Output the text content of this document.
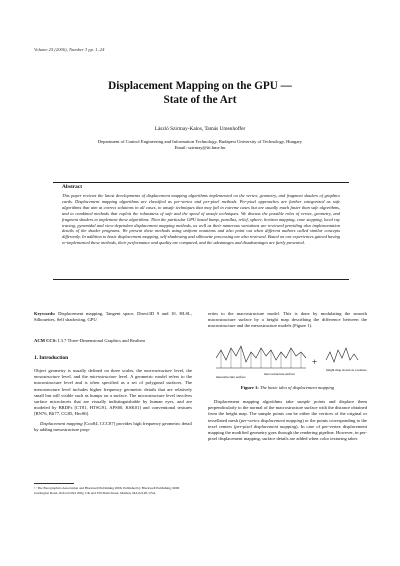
Volume 25 (2006), Number 3 pp. 1–24
Displacement Mapping on the GPU —
State of the Art
László Szirmay-Kalos, Tamás Umenhoffer
Department of Control Engineering and Information Technology, Budapest University of Technology, Hungary
Email: szirmay@iit.bme.hu
Abstract
This paper reviews the latest developments of displacement mapping algorithms implemented on the vertex, geometry, and fragment shaders of graphics cards. Displacement mapping algorithms are classified as per-vertex and per-pixel methods. Per-pixel approaches are further categorized as safe algorithms that aim at correct solutions in all cases, to unsafe techniques that may fail in extreme cases but are usually much faster than safe algorithms, and to combined methods that exploit the robustness of safe and the speed of unsafe techniques. We discuss the possible roles of vertex, geometry, and fragment shaders to implement these algorithms. Then the particular GPU based bump, parallax, relief, sphere, horizon mapping, cone stepping, local ray tracing, pyramidal and view-dependent displacement mapping methods, as well as their numerous variations are reviewed providing also implementation details of the shader programs. We present these methods using uniform notations and also point out when different authors called similar concepts differently. In addition to basic displacement mapping, self-shadowing and silhouette processing are also reviewed. Based on our experiences gained having re-implemented these methods, their performance and quality are compared, and the advantages and disadvantages are fairly presented.
Keywords: Displacement mapping, Tangent space, Direct3D 9 and 10, HLSL, Silhouettes, Self shadowing, GPU
ACM CCS: I.3.7 Three-Dimensional Graphics and Realism
1. Introduction

Object geometry is usually defined on three scales, the macrostructure level, the mesostructure level, and the microstructure level. A geometric model refers to the macrostructure level and is often specified as a set of polygonal surfaces. The mesostructure level includes higher frequency geometric details that are relatively small but still visible such as bumps on a surface. The microstructure level involves surface microfacets that are visually indistinguishable by human eyes, and are modeled by BRDFs [CT81, HTSG91, APS00, KSK01] and conventional textures [BN76, Bli77, CG85, Hec86].

Displacement mapping [Coo84, CCC87] provides high frequency geometric detail by adding mesostructure prop-

© The Eurographics Association and Blackwell Publishing 2006. Published by Blackwell Publishing, 9600 Garsington Road, Oxford OX4 2DQ, UK and 350 Main Street, Malden, MA 02148, USA.
erties to the macrostructure model. This is done by modulating the smooth macrostructure surface by a height map describing the difference between the macrostructure and the mesostructure models (Figure 1).
mesostructure surface
macrostructure surface
+
height map stored as a texture
Figure 1: The basic idea of displacement mapping
Displacement mapping algorithms take sample points and displace them perpendicularly to the normal of the macrostructure surface with the distance obtained from the height map. The sample points can be either the vertices of the original or tessellated mesh (per-vertex displacement mapping) or the points corresponding to the texel centers (per-pixel displacement mapping). In case of per-vertex displacement mapping the modified geometry goes through the rendering pipeline. However, in per-pixel displacement mapping, surface details are added when color texturing takes
